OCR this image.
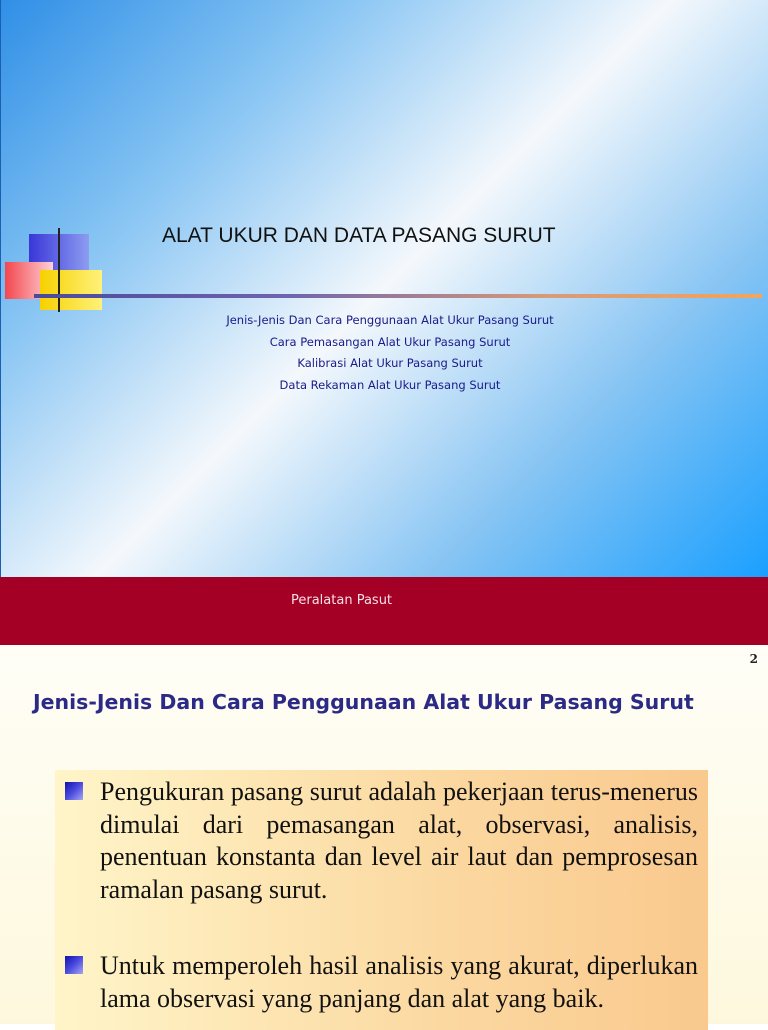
ALAT UKUR DAN DATA PASANG SURUT
Jenis-Jenis Dan Cara Penggunaan Alat Ukur Pasang Surut
Cara Pemasangan Alat Ukur Pasang Surut
Kalibrasi Alat Ukur Pasang Surut
Data Rekaman Alat Ukur Pasang Surut
Peralatan Pasut
2
Jenis-Jenis Dan Cara Penggunaan Alat Ukur Pasang Surut
Pengukuran pasang surut adalah pekerjaan terus-menerus dimulai dari pemasangan alat, observasi, analisis, penentuan konstanta dan level air laut dan pemprosesan ramalan pasang surut.
Untuk memperoleh hasil analisis yang akurat, diperlukan lama observasi yang panjang dan alat yang baik.
